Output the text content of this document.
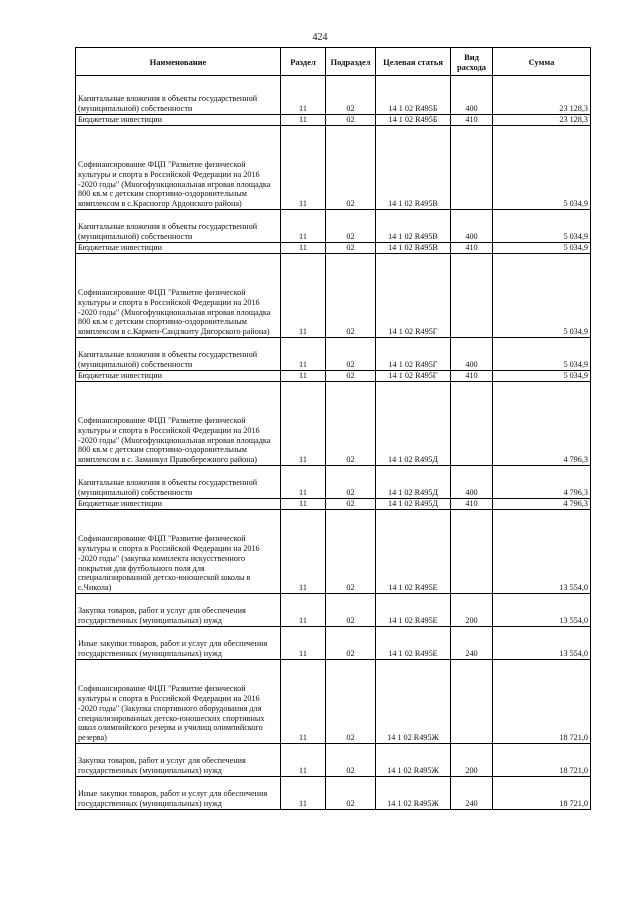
424
Наименование	Раздел	Подраздел	Целевая статья	Вид расхода	Сумма
Капитальные вложения в объекты государственной (муниципальной) собственности	11	02	14 1 02 R495Б	400	23 128,3
Бюджетные инвестиции	11	02	14 1 02 R495Б	410	23 128,3
Софинансирование ФЦП "Развитие физической культуры и спорта в Российской Федерации на 2016 -2020 годы" (Многофункциональная игровая площадка 800 кв.м с детским спортивно-оздоровительным комплексом в с.Красногор Ардонского района)	11	02	14 1 02 R495В		5 034,9
Капитальные вложения в объекты государственной (муниципальной) собственности	11	02	14 1 02 R495В	400	5 034,9
Бюджетные инвестиции	11	02	14 1 02 R495В	410	5 034,9
Софинансирование ФЦП "Развитие физической культуры и спорта в Российской Федерации на 2016 -2020 годы" (Многофункциональная игровая площадка 800 кв.м с детским спортивно-оздоровительным комплексом в с.Кармен-Сандзкиту Дигорского района)	11	02	14 1 02 R495Г		5 034,9
Капитальные вложения в объекты государственной (муниципальной) собственности	11	02	14 1 02 R495Г	400	5 034,9
Бюджетные инвестиции	11	02	14 1 02 R495Г	410	5 034,9
Софинансирование ФЦП "Развитие физической культуры и спорта в Российской Федерации на 2016 -2020 годы" (Многофункциональная игровая площадка 800 кв.м с детским спортивно-оздоровительным комплексом в с. Заманкул Правобережного района)	11	02	14 1 02 R495Д		4 796,3
Капитальные вложения в объекты государственной (муниципальной) собственности	11	02	14 1 02 R495Д	400	4 796,3
Бюджетные инвестиции	11	02	14 1 02 R495Д	410	4 796,3
Софинансирование ФЦП "Развитие физической культуры и спорта в Российской Федерации на 2016 -2020 годы" (закупка комплекта искусственного покрытия для футбольного поля для специализированной детско-юношеской школы в с.Чикола)	11	02	14 1 02 R495Е		13 554,0
Закупка товаров, работ и услуг для обеспечения государственных (муниципальных) нужд	11	02	14 1 02 R495Е	200	13 554,0
Иные закупки товаров, работ и услуг для обеспечения государственных (муниципальных) нужд	11	02	14 1 02 R495Е	240	13 554,0
Софинансирование ФЦП "Развитие физической культуры и спорта в Российской Федерации на 2016 -2020 годы" (Закупка спортивного оборудования для специализированных детско-юношеских спортивных школ олимпийского резерва и училищ олимпийского резерва)	11	02	14 1 02 R495Ж		18 721,0
Закупка товаров, работ и услуг для обеспечения государственных (муниципальных) нужд	11	02	14 1 02 R495Ж	200	18 721,0
Иные закупки товаров, работ и услуг для обеспечения государственных (муниципальных) нужд	11	02	14 1 02 R495Ж	240	18 721,0
